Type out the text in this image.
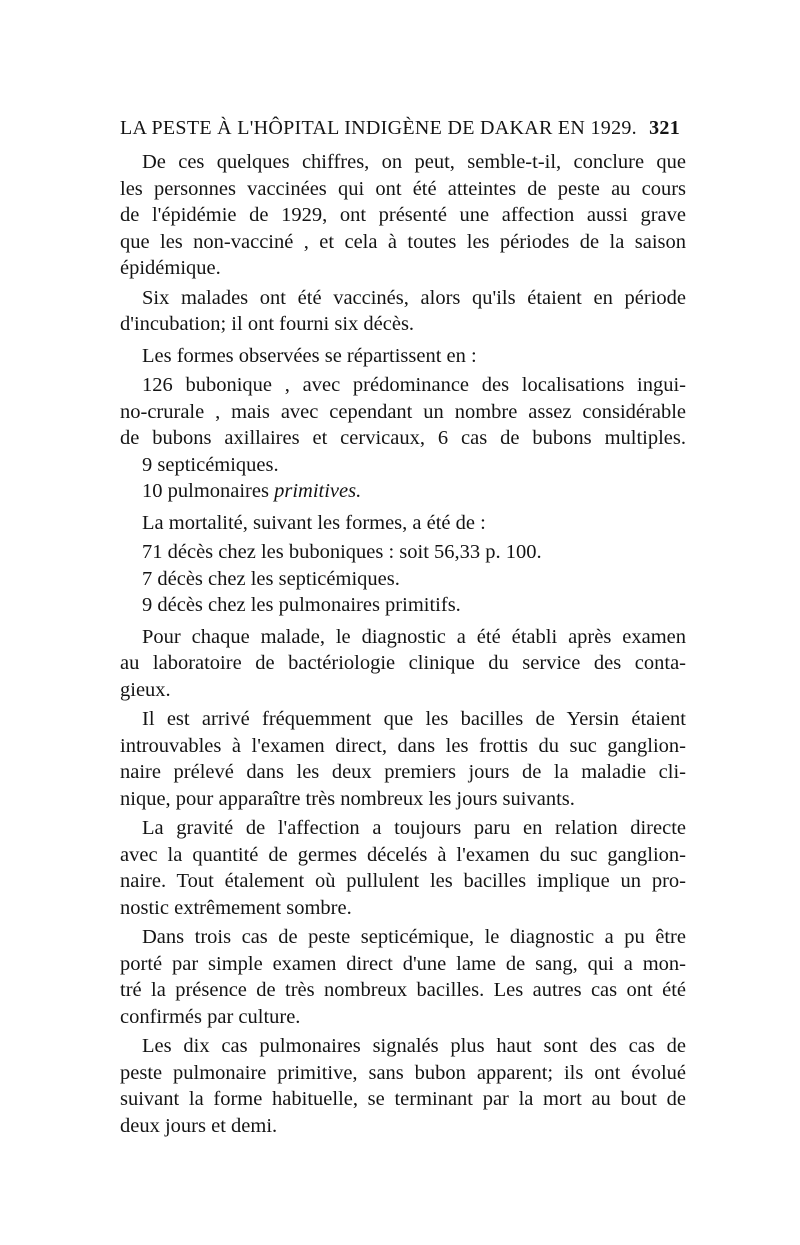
LA PESTE À L'HÔPITAL INDIGÈNE DE DAKAR EN 1929. 321
De ces quelques chiffres, on peut, semble-t-il, conclure que
les personnes vaccinées qui ont été atteintes de peste au cours
de l'épidémie de 1929, ont présenté une affection aussi grave
que les non-vacciné , et cela à toutes les périodes de la saison
épidémique.
Six malades ont été vaccinés, alors qu'ils étaient en période
d'incubation; il ont fourni six décès.
Les formes observées se répartissent en :
126 bubonique , avec prédominance des localisations ingui-
no-crurale , mais avec cependant un nombre assez considérable
de bubons axillaires et cervicaux, 6 cas de bubons multiples.
9 septicémiques.
10 pulmonaires primitives.
La mortalité, suivant les formes, a été de :
71 décès chez les buboniques : soit 56,33 p. 100.
7 décès chez les septicémiques.
9 décès chez les pulmonaires primitifs.
Pour chaque malade, le diagnostic a été établi après examen
au laboratoire de bactériologie clinique du service des conta-
gieux.
Il est arrivé fréquemment que les bacilles de Yersin étaient
introuvables à l'examen direct, dans les frottis du suc ganglion-
naire prélevé dans les deux premiers jours de la maladie cli-
nique, pour apparaître très nombreux les jours suivants.
La gravité de l'affection a toujours paru en relation directe
avec la quantité de germes décelés à l'examen du suc ganglion-
naire. Tout étalement où pullulent les bacilles implique un pro-
nostic extrêmement sombre.
Dans trois cas de peste septicémique, le diagnostic a pu être
porté par simple examen direct d'une lame de sang, qui a mon-
tré la présence de très nombreux bacilles. Les autres cas ont été
confirmés par culture.
Les dix cas pulmonaires signalés plus haut sont des cas de
peste pulmonaire primitive, sans bubon apparent; ils ont évolué
suivant la forme habituelle, se terminant par la mort au bout de
deux jours et demi.
